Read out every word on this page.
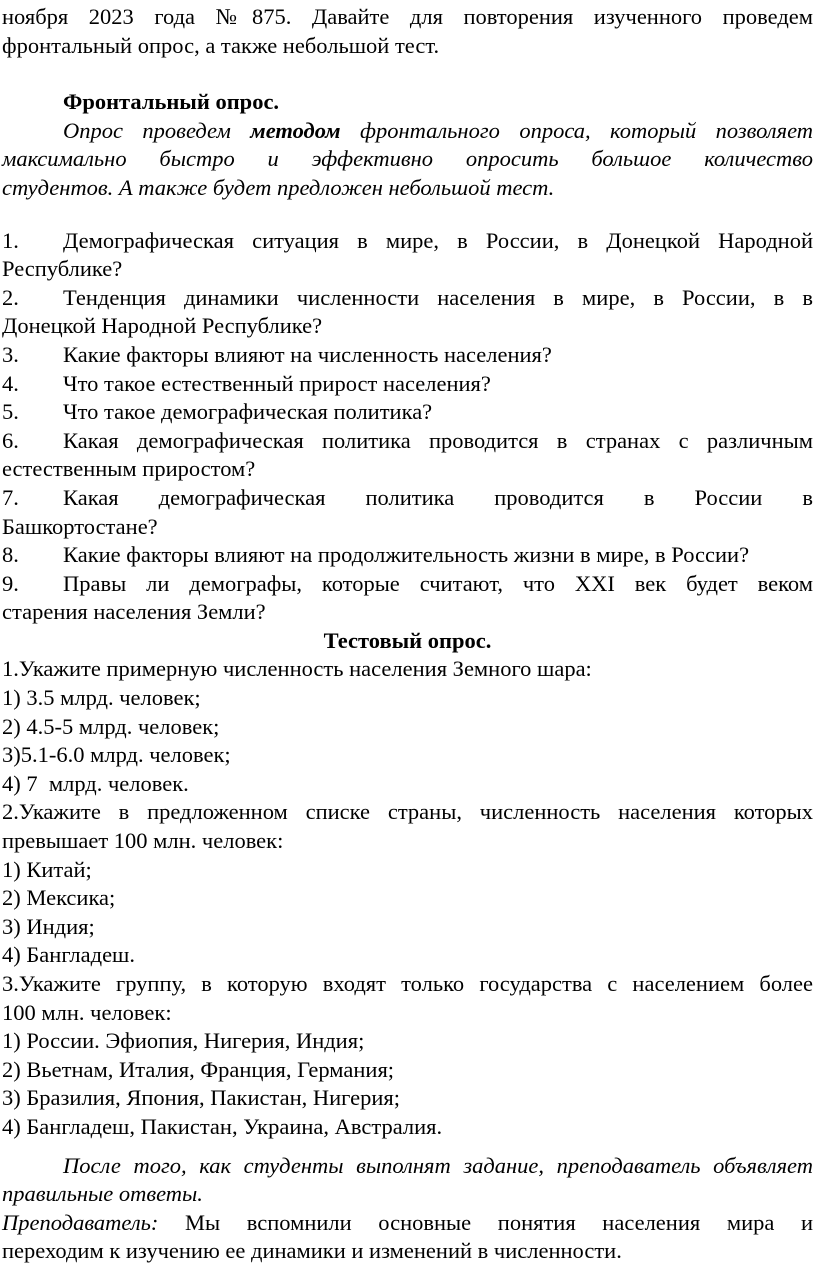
ноября 2023 года №875. Давайте для повторения изученного проведем
фронтальный опрос, а также небольшой тест.
Фронтальный опрос.
Опрос проведем методом фронтального опроса, который позволяет
максимально быстро и эффективно опросить большое количество
студентов. А также будет предложен небольшой тест.
1. Демографическая ситуация в мире, в России, в Донецкой Народной
Республике?
2. Тенденция динамики численности населения в мире, в России, в в
Донецкой Народной Республике?
3. Какие факторы влияют на численность населения?
4. Что такое естественный прирост населения?
5. Что такое демографическая политика?
6. Какая демографическая политика проводится в странах с различным
естественным приростом?
7. Какая демографическая политика проводится в России в
Башкортостане?
8. Какие факторы влияют на продолжительность жизни в мире, в России?
9. Правы ли демографы, которые считают, что XXI век будет веком
старения населения Земли?
Тестовый опрос.
1.Укажите примерную численность населения Земного шара:
1) 3.5 млрд. человек;
2) 4.5-5 млрд. человек;
3)5.1-6.0 млрд. человек;
4) 7  млрд. человек.
2.Укажите в предложенном списке страны, численность населения которых
превышает 100 млн. человек:
1) Китай;
2) Мексика;
3) Индия;
4) Бангладеш.
3.Укажите группу, в которую входят только государства с населением более
100 млн. человек:
1) России. Эфиопия, Нигерия, Индия;
2) Вьетнам, Италия, Франция, Германия;
3) Бразилия, Япония, Пакистан, Нигерия;
4) Бангладеш, Пакистан, Украина, Австралия.
После того, как студенты выполнят задание, преподаватель объявляет
правильные ответы.
Преподаватель: Мы вспомнили основные понятия населения мира и
переходим к изучению ее динамики и изменений в численности.
